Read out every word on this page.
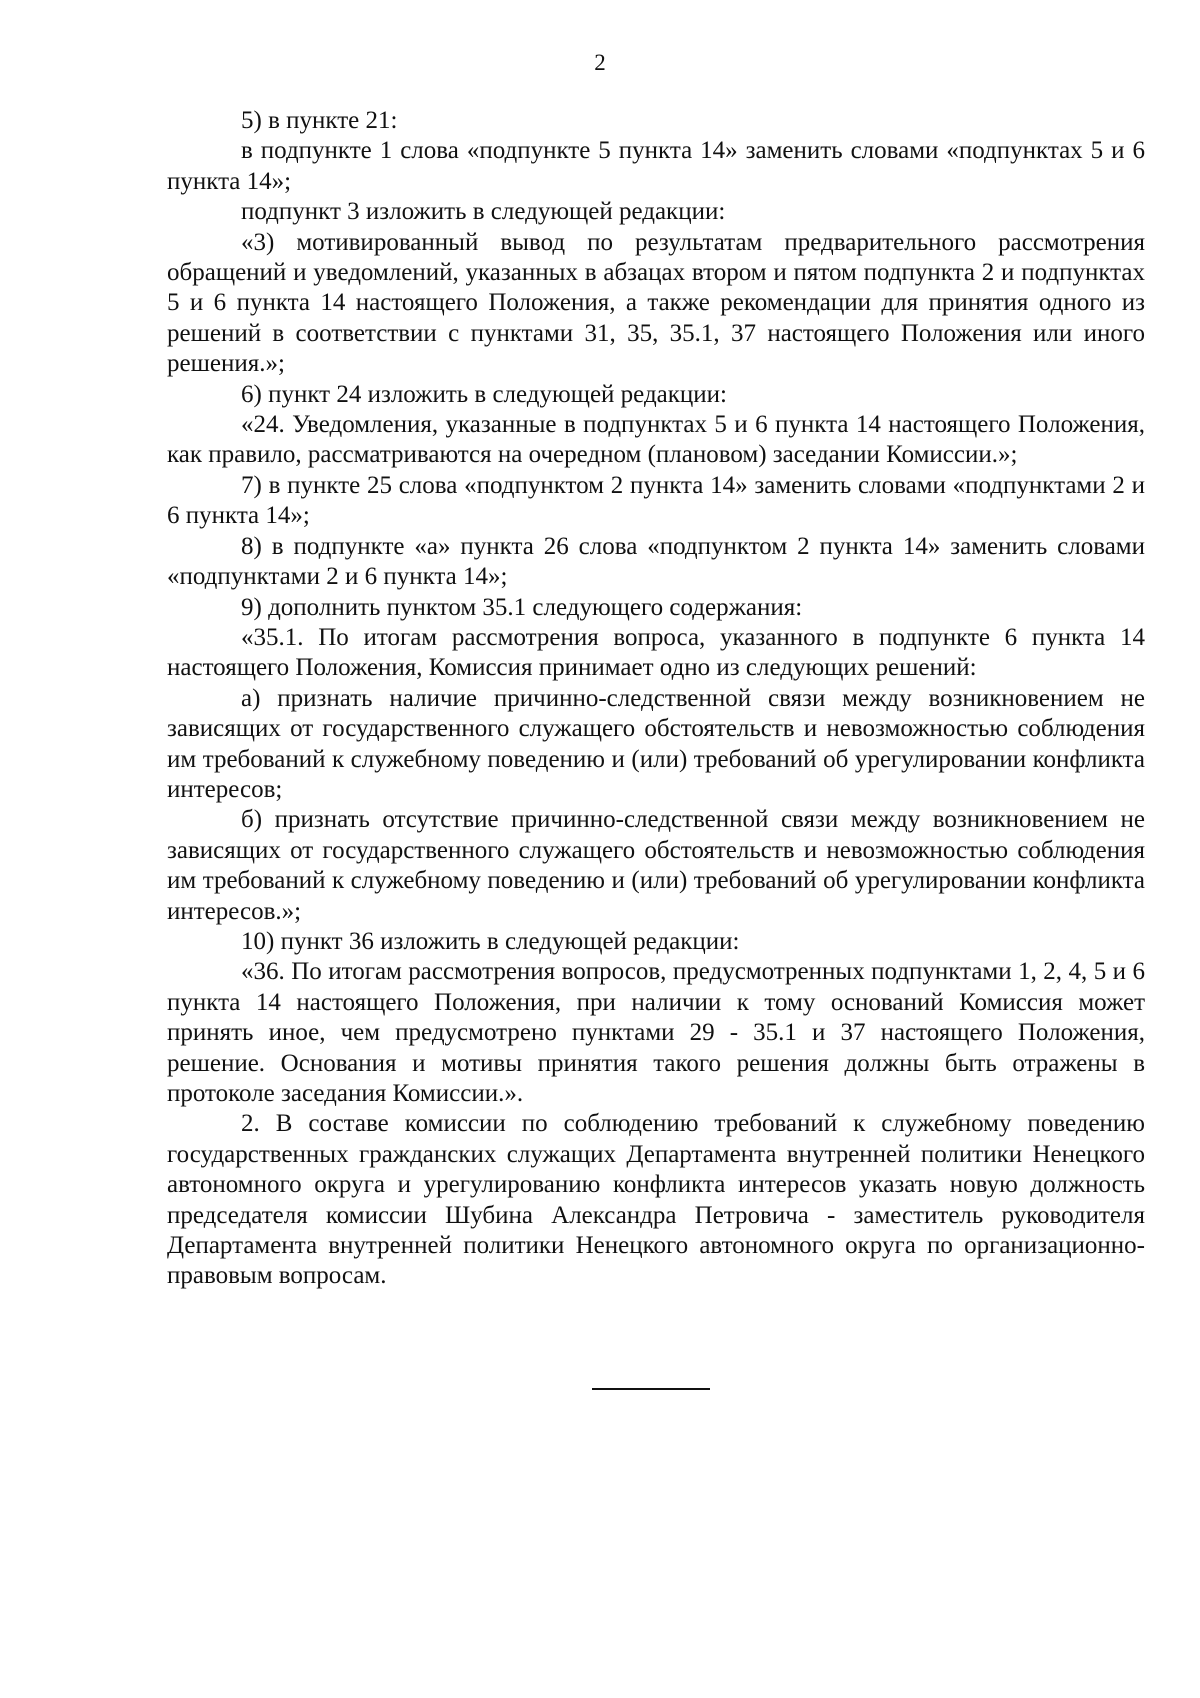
2

5) в пункте 21:

в подпункте 1 слова «подпункте 5 пункта 14» заменить словами «подпунктах 5 и 6 пункта 14»;

подпункт 3 изложить в следующей редакции:

«3) мотивированный вывод по результатам предварительного рассмотрения обращений и уведомлений, указанных в абзацах втором и пятом подпункта 2 и подпунктах 5 и 6 пункта 14 настоящего Положения, а также рекомендации для принятия одного из решений в соответствии с пунктами 31, 35, 35.1, 37 настоящего Положения или иного решения.»;

6) пункт 24 изложить в следующей редакции:

«24. Уведомления, указанные в подпунктах 5 и 6 пункта 14 настоящего Положения, как правило, рассматриваются на очередном (плановом) заседании Комиссии.»;

7) в пункте 25 слова «подпунктом 2 пункта 14» заменить словами «подпунктами 2 и 6 пункта 14»;

8) в подпункте «а» пункта 26 слова «подпунктом 2 пункта 14» заменить словами «подпунктами 2 и 6 пункта 14»;

9) дополнить пунктом 35.1 следующего содержания:

«35.1. По итогам рассмотрения вопроса, указанного в подпункте 6 пункта 14 настоящего Положения, Комиссия принимает одно из следующих решений:

а) признать наличие причинно-следственной связи между возникновением не зависящих от государственного служащего обстоятельств и невозможностью соблюдения им требований к служебному поведению и (или) требований об урегулировании конфликта интересов;

б) признать отсутствие причинно-следственной связи между возникновением не зависящих от государственного служащего обстоятельств и невозможностью соблюдения им требований к служебному поведению и (или) требований об урегулировании конфликта интересов.»;

10) пункт 36 изложить в следующей редакции:

«36. По итогам рассмотрения вопросов, предусмотренных подпунктами 1, 2, 4, 5 и 6 пункта 14 настоящего Положения, при наличии к тому оснований Комиссия может принять иное, чем предусмотрено пунктами 29 - 35.1 и 37 настоящего Положения, решение. Основания и мотивы принятия такого решения должны быть отражены в протоколе заседания Комиссии.».

2. В составе комиссии по соблюдению требований к служебному поведению государственных гражданских служащих Департамента внутренней политики Ненецкого автономного округа и урегулированию конфликта интересов указать новую должность председателя комиссии Шубина Александра Петровича - заместитель руководителя Департамента внутренней политики Ненецкого автономного округа по организационно-правовым вопросам.
